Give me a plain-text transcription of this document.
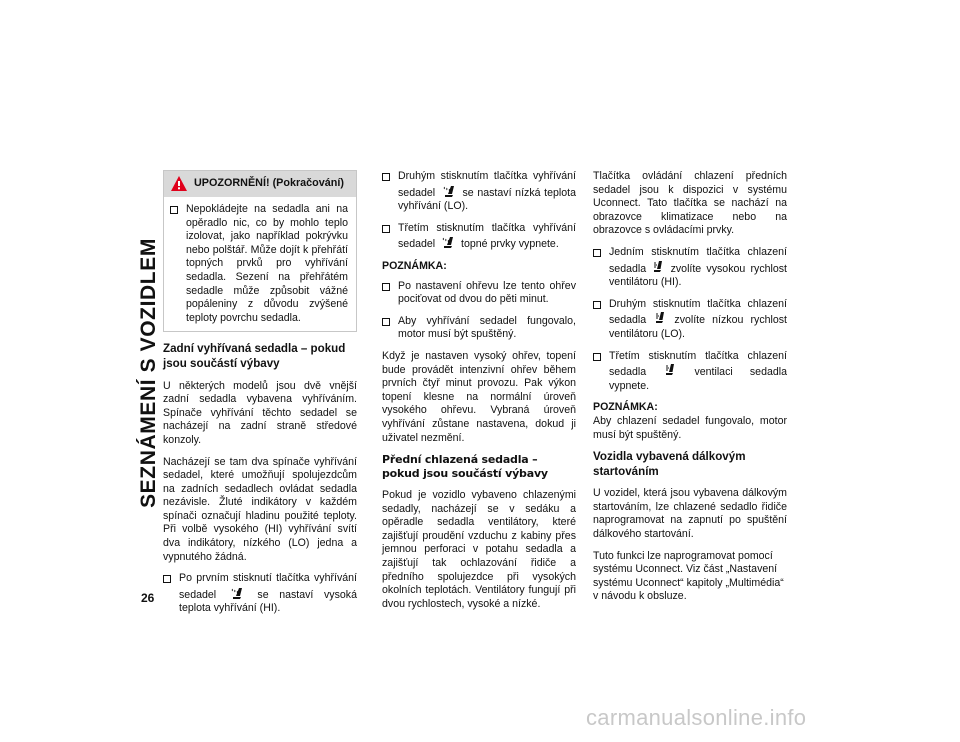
SEZNÁMENÍ S VOZIDLEM
26
UPOZORNĚNÍ! (Pokračování)
Nepokládejte na sedadla ani na opěradlo nic, co by mohlo teplo izolovat, jako například pokrývku nebo polštář. Může dojít k přehřátí topných prvků pro vyhřívání sedadla. Sezení na přehřátém sedadle může způsobit vážné popáleniny z důvodu zvýšené teploty povrchu sedadla.
Zadní vyhřívaná sedadla – pokud jsou součástí výbavy

U některých modelů jsou dvě vnější zadní sedadla vybavena vyhříváním. Spínače vyhřívání těchto sedadel se nacházejí na zadní straně středové konzoly.

Nacházejí se tam dva spínače vyhřívání sedadel, které umožňují spolujezdcům na zadních sedadlech ovládat sedadla nezávisle. Žluté indikátory v každém spínači označují hladinu použité teploty. Při volbě vysokého (HI) vyhřívání svítí dva indikátory, nízkého (LO) jedna a vypnutého žádná.

Po prvním stisknutí tlačítka vyhřívání sedadel	se nastaví vysoká teplota vyhřívání (HI).
Druhým stisknutím tlačítka vyhřívání sedadel	se nastaví nízká teplota vyhřívání (LO).
Třetím stisknutím tlačítka vyhřívání sedadel topné prvky vypnete.
POZNÁMKA:
Po nastavení ohřevu lze tento ohřev pociťovat od dvou do pěti minut.
Aby vyhřívání sedadel fungovalo, motor musí být spuštěný.

Když je nastaven vysoký ohřev, topení bude provádět intenzivní ohřev během prvních čtyř minut provozu. Pak výkon topení klesne na normální úroveň vysokého ohřevu. Vybraná úroveň vyhřívání zůstane nastavena, dokud ji uživatel nezmění.

Přední chlazená sedadla – pokud jsou součástí výbavy

Pokud je vozidlo vybaveno chlazenými sedadly, nacházejí se v sedáku a opěradle sedadla ventilátory, které zajišťují proudění vzduchu z kabiny přes jemnou perforaci v potahu sedadla a zajišťují tak ochlazování řidiče a předního spolujezdce při vysokých okolních teplotách. Ventilátory fungují při dvou rychlostech, vysoké a nízké.

Tlačítka ovládání chlazení předních sedadel jsou k dispozici v systému Uconnect. Tato tlačítka se nachází na obrazovce klimatizace nebo na obrazovce s ovládacími prvky.

Jedním stisknutím tlačítka chlazení sedadla zvolíte vysokou rychlost ventilátoru (HI).
Druhým stisknutím tlačítka chlazení sedadla	zvolíte nízkou rychlost ventilátoru (LO).
Třetím stisknutím tlačítka chlazení sedadla	ventilaci sedadla vypnete.
POZNÁMKA:

Aby chlazení sedadel fungovalo, motor musí být spuštěný.

Vozidla vybavená dálkovým startováním

U vozidel, která jsou vybavena dálkovým startováním, lze chlazené sedadlo řidiče naprogramovat na zapnutí po spuštění dálkového startování.

Tuto funkci lze naprogramovat pomocí systému Uconnect. Viz část „Nastavení systému Uconnect“ kapitoly „Multimédia“ v návodu k obsluze.

carmanualsonline.info
